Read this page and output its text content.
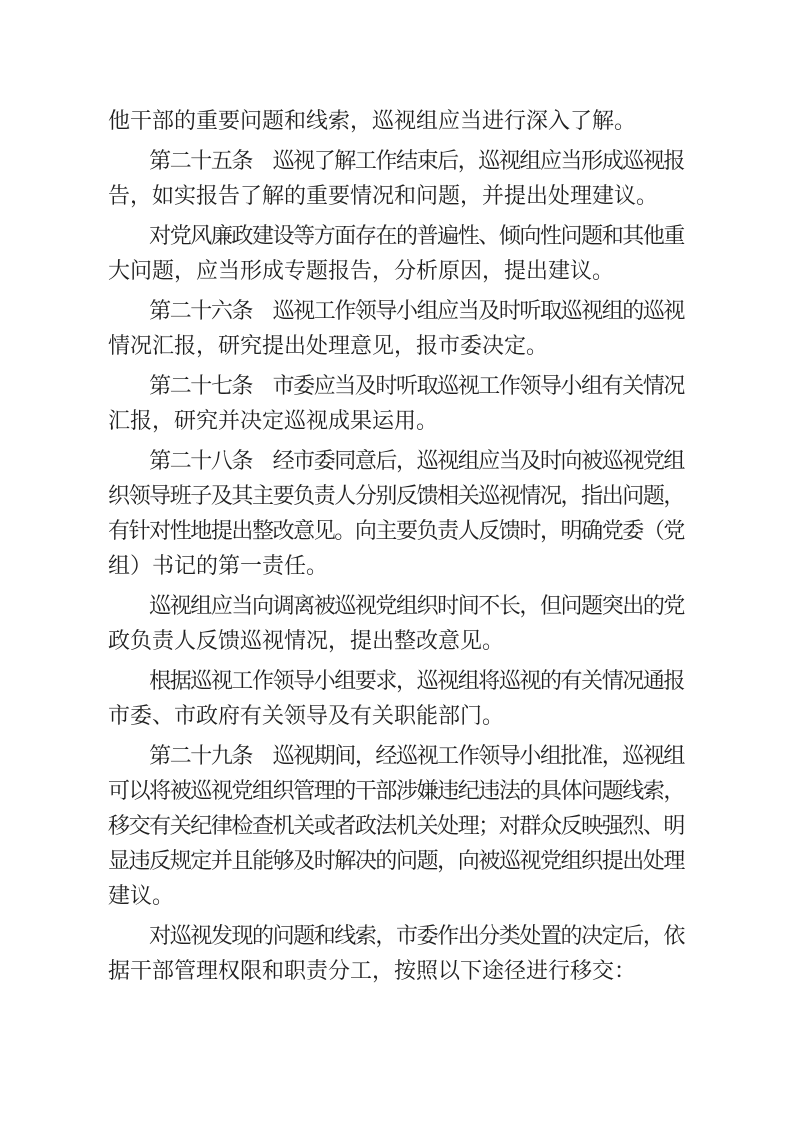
他干部的重要问题和线索，巡视组应当进行深入了解。
　　第二十五条　巡视了解工作结束后，巡视组应当形成巡视报
告，如实报告了解的重要情况和问题，并提出处理建议。
　　对党风廉政建设等方面存在的普遍性、倾向性问题和其他重
大问题，应当形成专题报告，分析原因，提出建议。
　　第二十六条　巡视工作领导小组应当及时听取巡视组的巡视
情况汇报，研究提出处理意见，报市委决定。
　　第二十七条　市委应当及时听取巡视工作领导小组有关情况
汇报，研究并决定巡视成果运用。
　　第二十八条　经市委同意后，巡视组应当及时向被巡视党组
织领导班子及其主要负责人分别反馈相关巡视情况，指出问题，
有针对性地提出整改意见。向主要负责人反馈时，明确党委（党
组）书记的第一责任。
　　巡视组应当向调离被巡视党组织时间不长，但问题突出的党
政负责人反馈巡视情况，提出整改意见。
　　根据巡视工作领导小组要求，巡视组将巡视的有关情况通报
市委、市政府有关领导及有关职能部门。
　　第二十九条　巡视期间，经巡视工作领导小组批准，巡视组
可以将被巡视党组织管理的干部涉嫌违纪违法的具体问题线索，
移交有关纪律检查机关或者政法机关处理；对群众反映强烈、明
显违反规定并且能够及时解决的问题，向被巡视党组织提出处理
建议。
　　对巡视发现的问题和线索，市委作出分类处置的决定后，依
据干部管理权限和职责分工，按照以下途径进行移交：
